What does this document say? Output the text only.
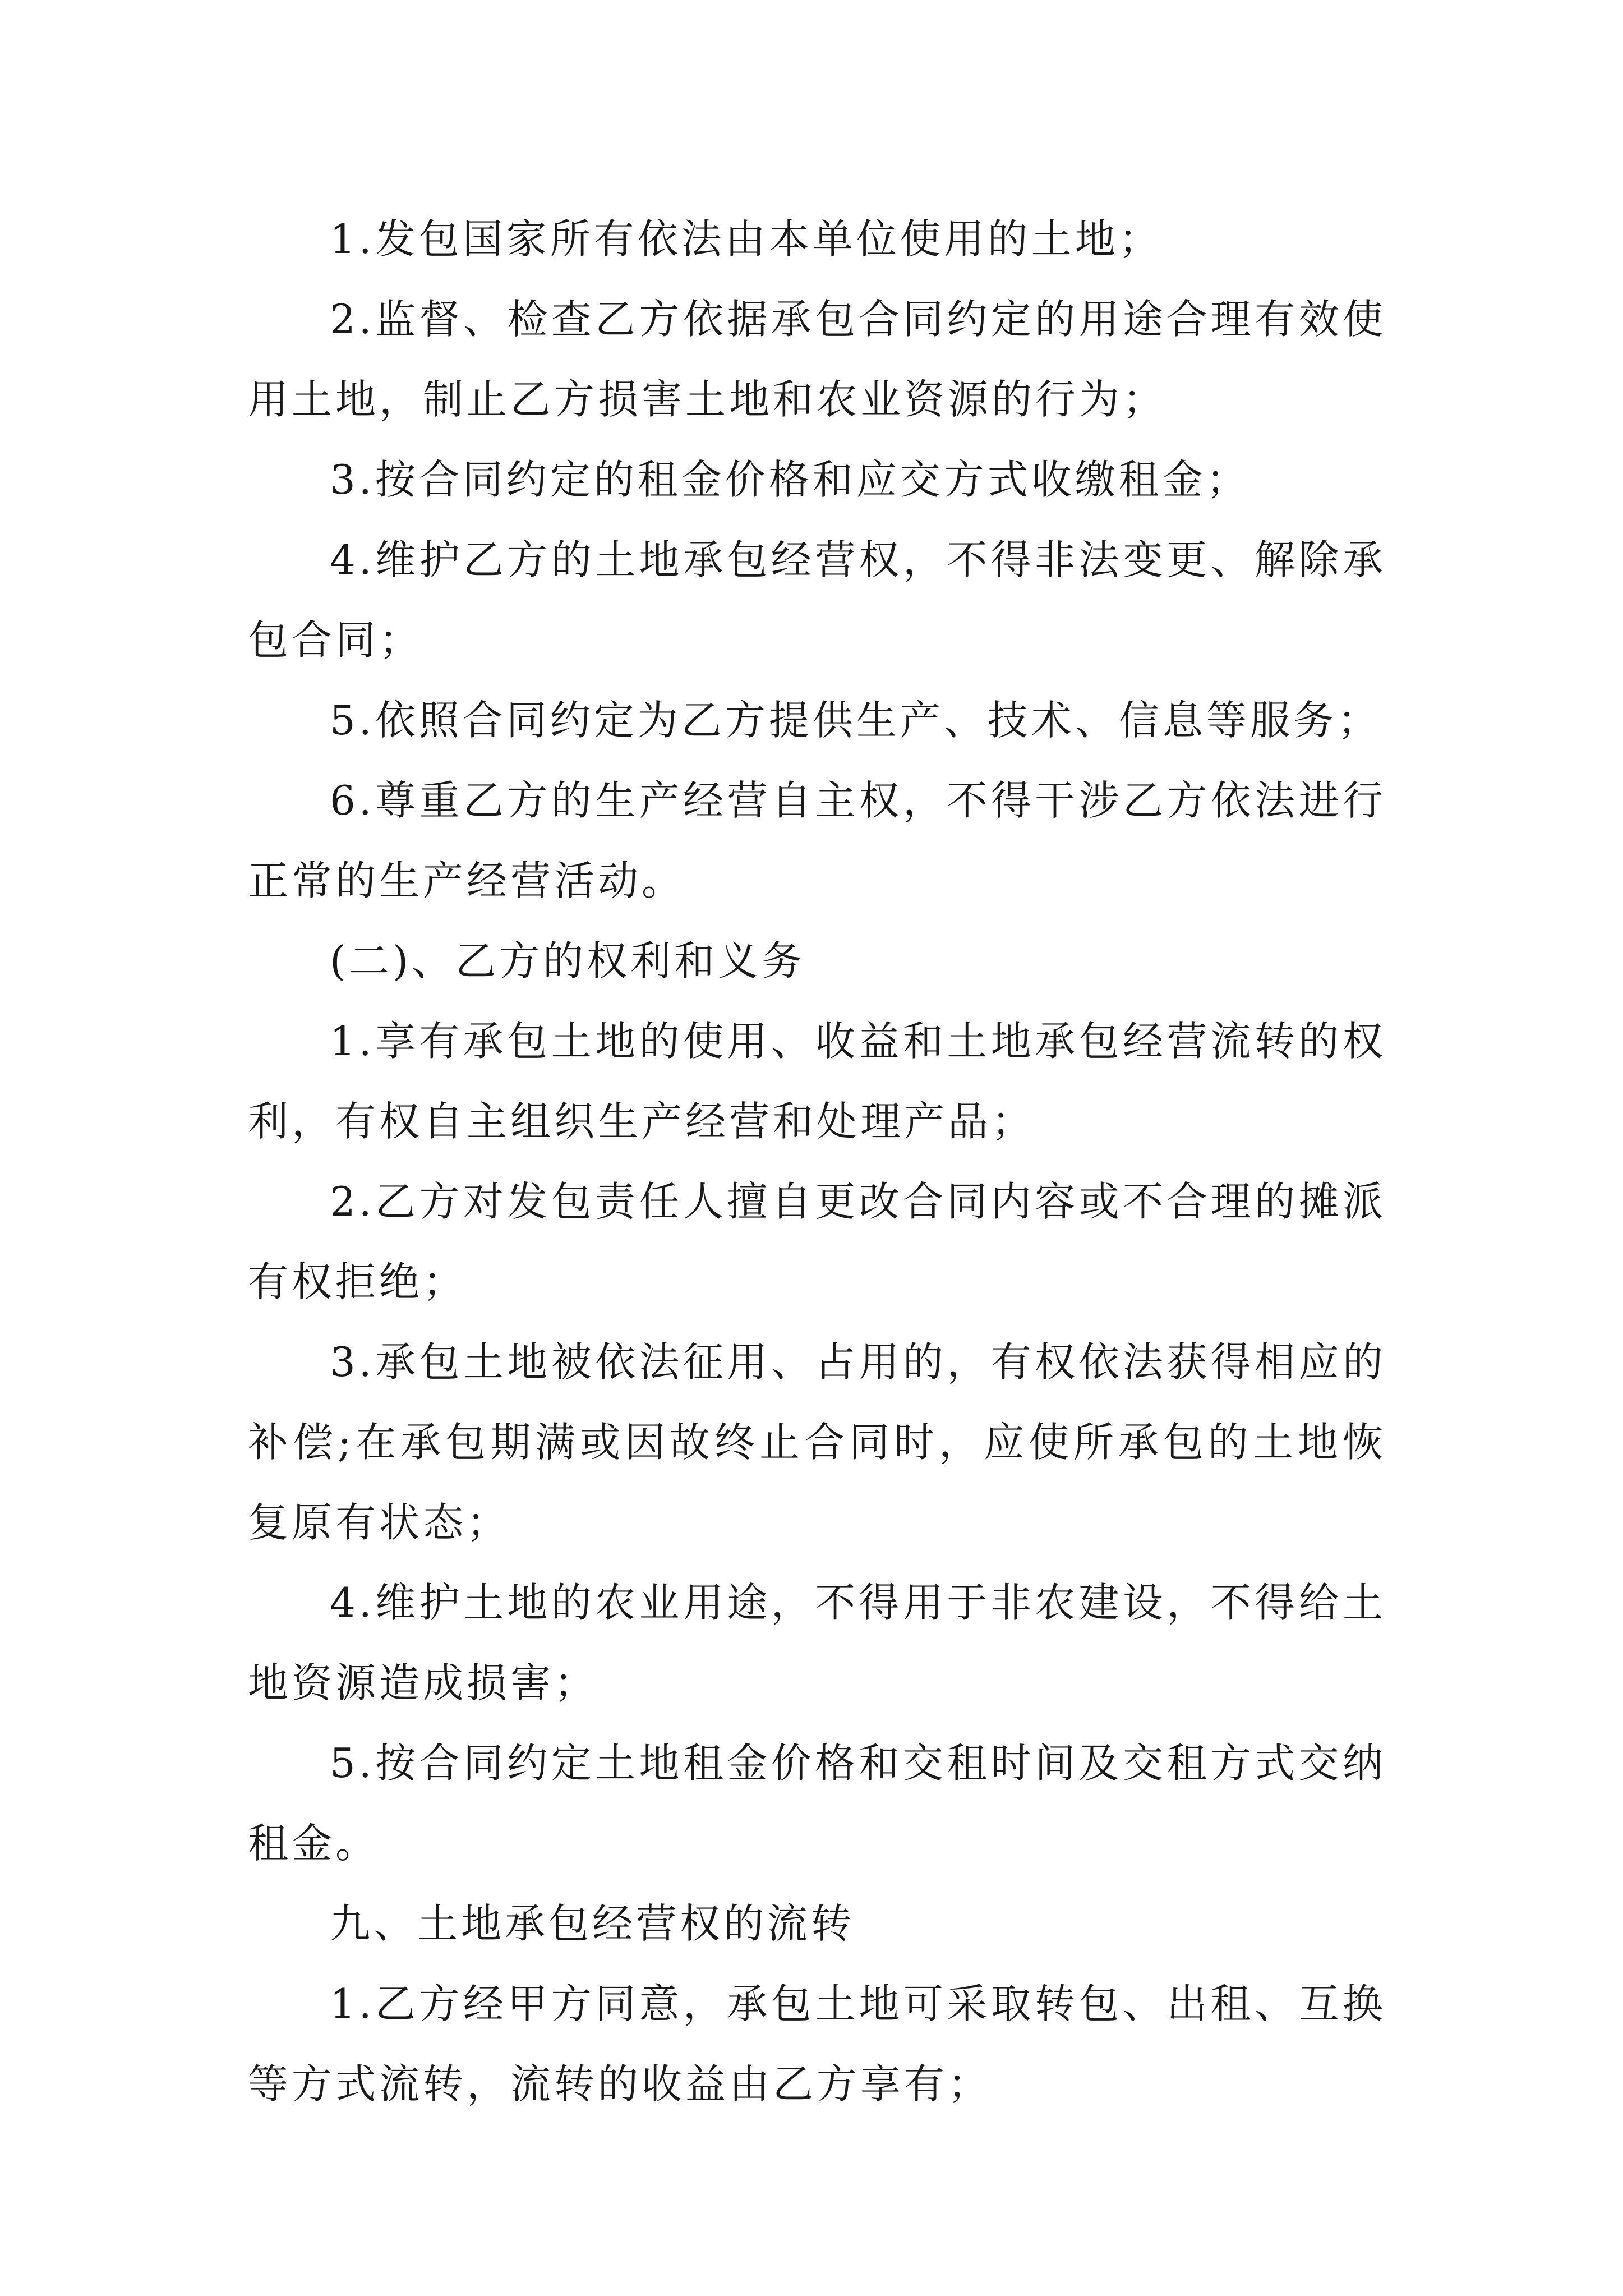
1.发包国家所有依法由本单位使用的土地；

2.监督、检查乙方依据承包合同约定的用途合理有效使用土地，制止乙方损害土地和农业资源的行为；

3.按合同约定的租金价格和应交方式收缴租金；

4.维护乙方的土地承包经营权，不得非法变更、解除承包合同；

5.依照合同约定为乙方提供生产、技术、信息等服务；

6.尊重乙方的生产经营自主权，不得干涉乙方依法进行正常的生产经营活动。

(二)、乙方的权利和义务

1.享有承包土地的使用、收益和土地承包经营流转的权利，有权自主组织生产经营和处理产品；

2.乙方对发包责任人擅自更改合同内容或不合理的摊派有权拒绝；

3.承包土地被依法征用、占用的，有权依法获得相应的补偿;在承包期满或因故终止合同时，应使所承包的土地恢复原有状态；

4.维护土地的农业用途，不得用于非农建设，不得给土地资源造成损害；

5.按合同约定土地租金价格和交租时间及交租方式交纳租金。

九、土地承包经营权的流转

1.乙方经甲方同意，承包土地可采取转包、出租、互换等方式流转，流转的收益由乙方享有；
